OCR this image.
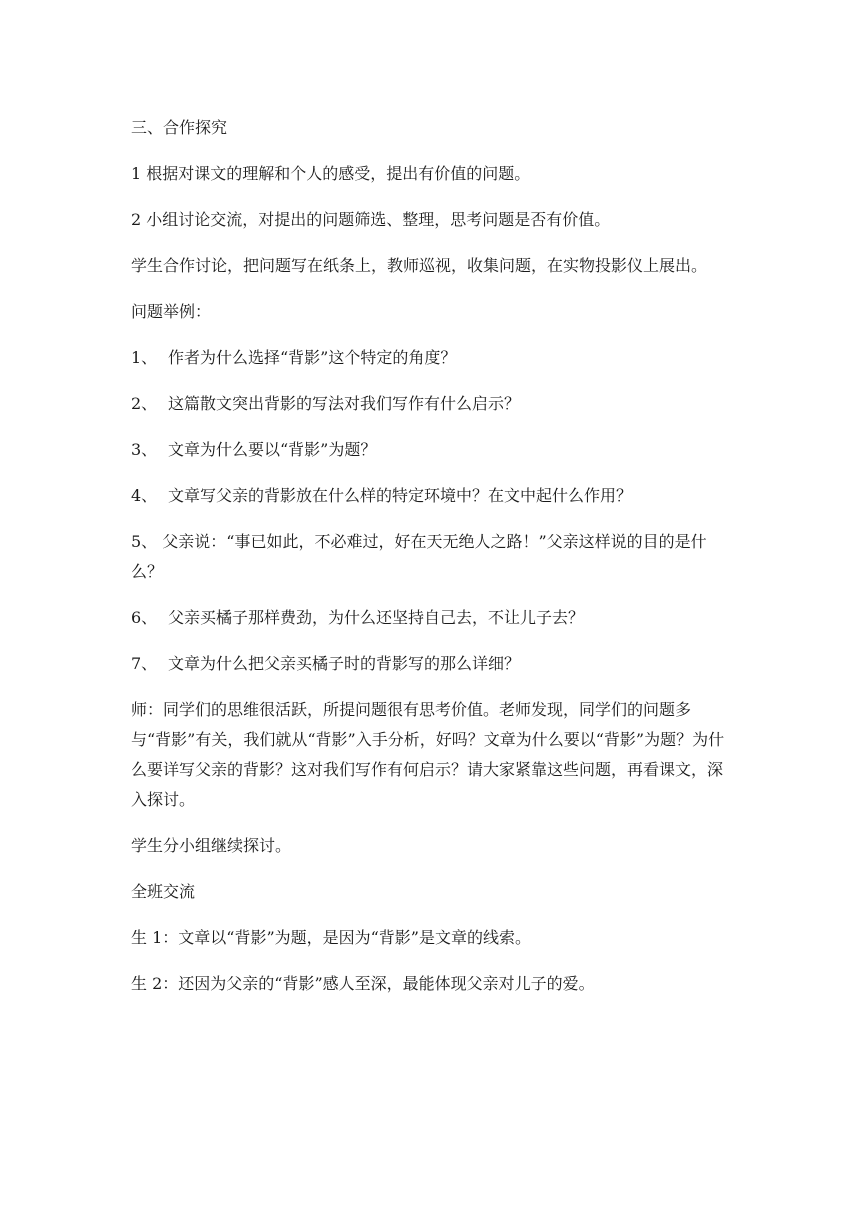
三、合作探究

1 根据对课文的理解和个人的感受，提出有价值的问题。

2 小组讨论交流，对提出的问题筛选、整理，思考问题是否有价值。

学生合作讨论，把问题写在纸条上，教师巡视，收集问题，在实物投影仪上展出。

问题举例：

1、 作者为什么选择“背影”这个特定的角度？
2、 这篇散文突出背影的写法对我们写作有什么启示？
3、 文章为什么要以“背影”为题？
4、 文章写父亲的背影放在什么样的特定环境中？在文中起什么作用？

5、 父亲说：“事已如此，不必难过，好在天无绝人之路！”父亲这样说的目的是什么？

6、 父亲买橘子那样费劲，为什么还坚持自己去，不让儿子去？
7、 文章为什么把父亲买橘子时的背影写的那么详细？

师：同学们的思维很活跃，所提问题很有思考价值。老师发现，同学们的问题多与“背影”有关，我们就从“背影”入手分析，好吗？文章为什么要以“背影”为题？为什么要详写父亲的背影？这对我们写作有何启示？请大家紧靠这些问题，再看课文，深入探讨。

学生分小组继续探讨。

全班交流

生 1：文章以“背影”为题，是因为“背影”是文章的线索。

生 2：还因为父亲的“背影”感人至深，最能体现父亲对儿子的爱。
